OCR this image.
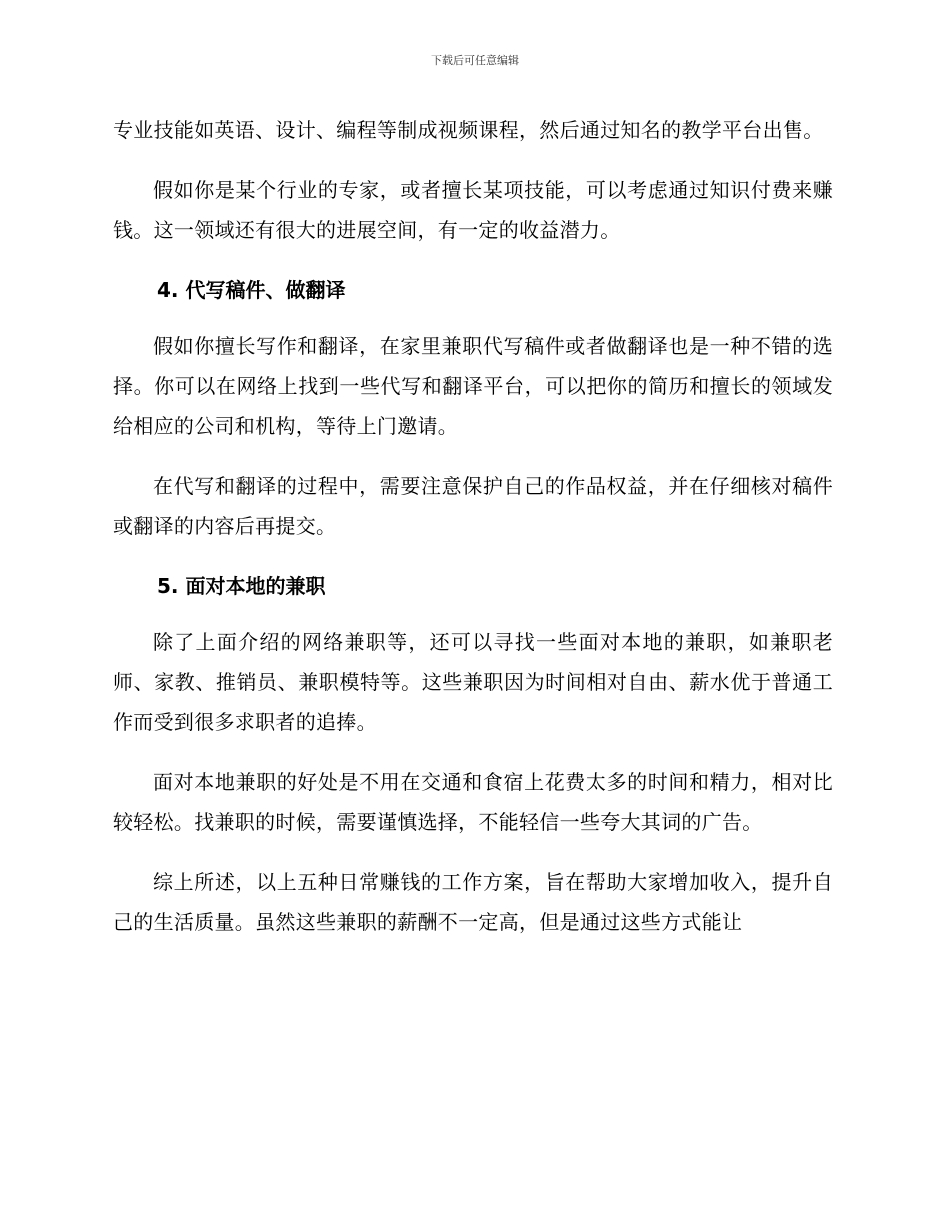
下载后可任意编辑

专业技能如英语、设计、编程等制成视频课程，然后通过知名的教学平台出售。

假如你是某个行业的专家，或者擅长某项技能，可以考虑通过知识付费来赚钱。这一领域还有很大的进展空间，有一定的收益潜力。

4. 代写稿件、做翻译

假如你擅长写作和翻译，在家里兼职代写稿件或者做翻译也是一种不错的选择。你可以在网络上找到一些代写和翻译平台，可以把你的简历和擅长的领域发给相应的公司和机构，等待上门邀请。

在代写和翻译的过程中，需要注意保护自己的作品权益，并在仔细核对稿件或翻译的内容后再提交。

5. 面对本地的兼职

除了上面介绍的网络兼职等，还可以寻找一些面对本地的兼职，如兼职老师、家教、推销员、兼职模特等。这些兼职因为时间相对自由、薪水优于普通工作而受到很多求职者的追捧。

面对本地兼职的好处是不用在交通和食宿上花费太多的时间和精力，相对比较轻松。找兼职的时候，需要谨慎选择，不能轻信一些夸大其词的广告。

综上所述，以上五种日常赚钱的工作方案，旨在帮助大家增加收入，提升自己的生活质量。虽然这些兼职的薪酬不一定高，但是通过这些方式能让
